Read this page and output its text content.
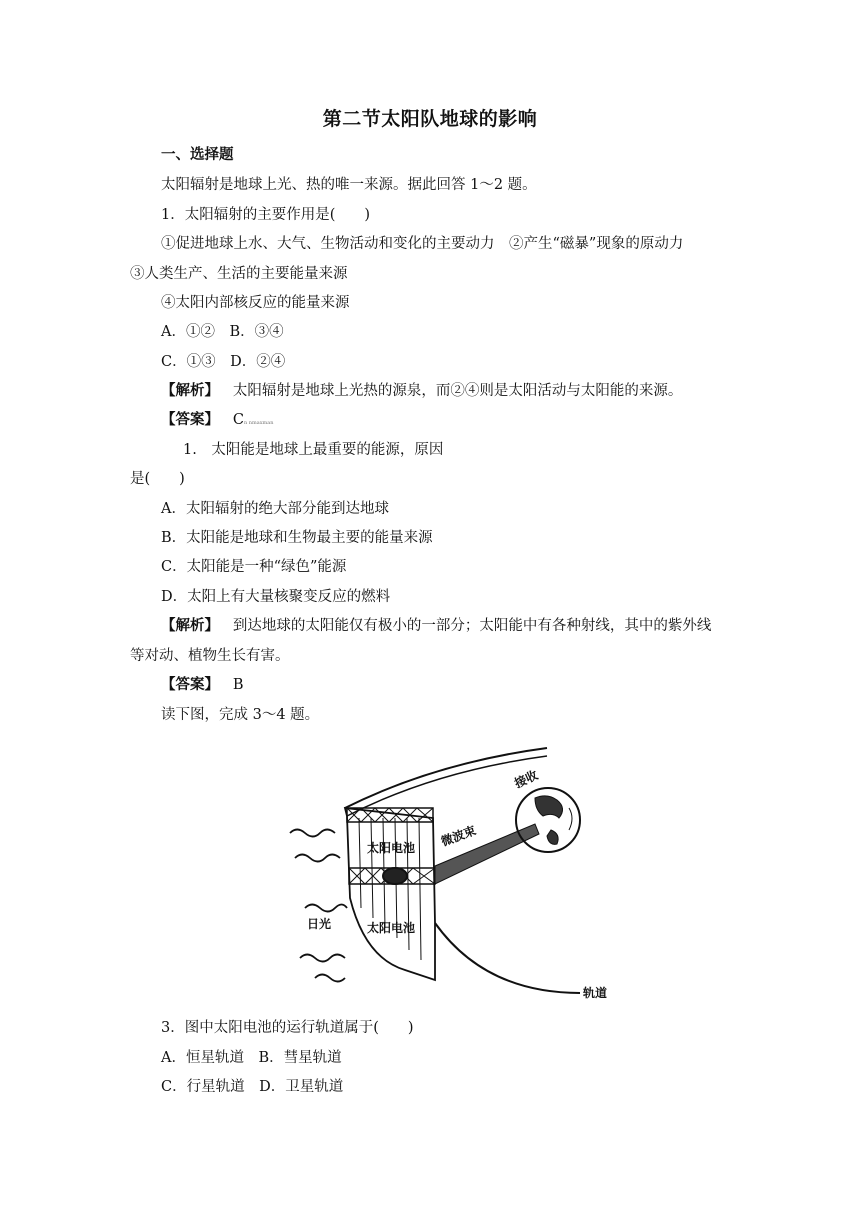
第二节太阳队地球的影响
一、选择题
太阳辐射是地球上光、热的唯一来源。据此回答 1～2 题。
1．太阳辐射的主要作用是(　　)
①促进地球上水、大气、生物活动和变化的主要动力　②产生“磁暴”现象的原动力
③人类生产、生活的主要能量来源
④太阳内部核反应的能量来源
A．①②　B．③④
C．①③　D．②④
【解析】 太阳辐射是地球上光热的源泉，而②④则是太阳活动与太阳能的来源。
【答案】 Cn nmaxman
1.　太阳能是地球上最重要的能源，原因
是(　　)
A．太阳辐射的绝大部分能到达地球
B．太阳能是地球和生物最主要的能量来源
C．太阳能是一种“绿色”能源
D．太阳上有大量核聚变反应的燃料
【解析】 到达地球的太阳能仅有极小的一部分；太阳能中有各种射线，其中的紫外线
等对动、植物生长有害。
【答案】 B
读下图，完成 3～4 题。
接收
微波束
太阳电池
太阳电池
日光
轨道
3．图中太阳电池的运行轨道属于(　　)
A．恒星轨道　B．彗星轨道
C．行星轨道　D．卫星轨道
